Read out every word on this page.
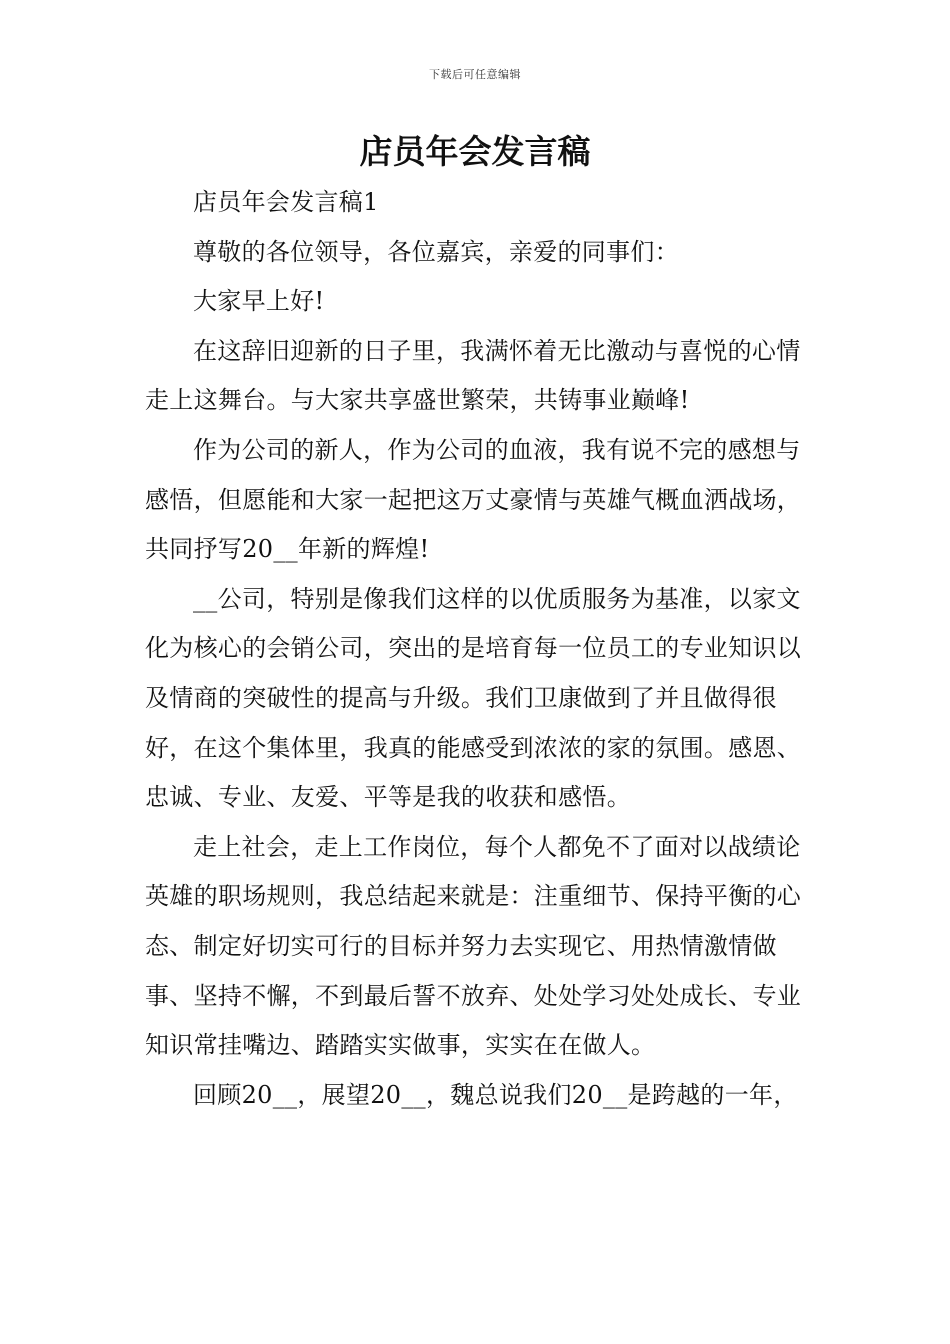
下载后可任意编辑
店员年会发言稿

店员年会发言稿1

尊敬的各位领导，各位嘉宾，亲爱的同事们：

大家早上好!

在这辞旧迎新的日子里，我满怀着无比激动与喜悦的心情走上这舞台。与大家共享盛世繁荣，共铸事业巅峰!

作为公司的新人，作为公司的血液，我有说不完的感想与感悟，但愿能和大家一起把这万丈豪情与英雄气概血洒战场，共同抒写20__年新的辉煌!

__公司，特别是像我们这样的以优质服务为基准，以家文化为核心的会销公司，突出的是培育每一位员工的专业知识以及情商的突破性的提高与升级。我们卫康做到了并且做得很好，在这个集体里，我真的能感受到浓浓的家的氛围。感恩、忠诚、专业、友爱、平等是我的收获和感悟。

走上社会，走上工作岗位，每个人都免不了面对以战绩论英雄的职场规则，我总结起来就是：注重细节、保持平衡的心态、制定好切实可行的目标并努力去实现它、用热情激情做事、坚持不懈，不到最后誓不放弃、处处学习处处成长、专业知识常挂嘴边、踏踏实实做事，实实在在做人。

回顾20__，展望20__，魏总说我们20__是跨越的一年，
